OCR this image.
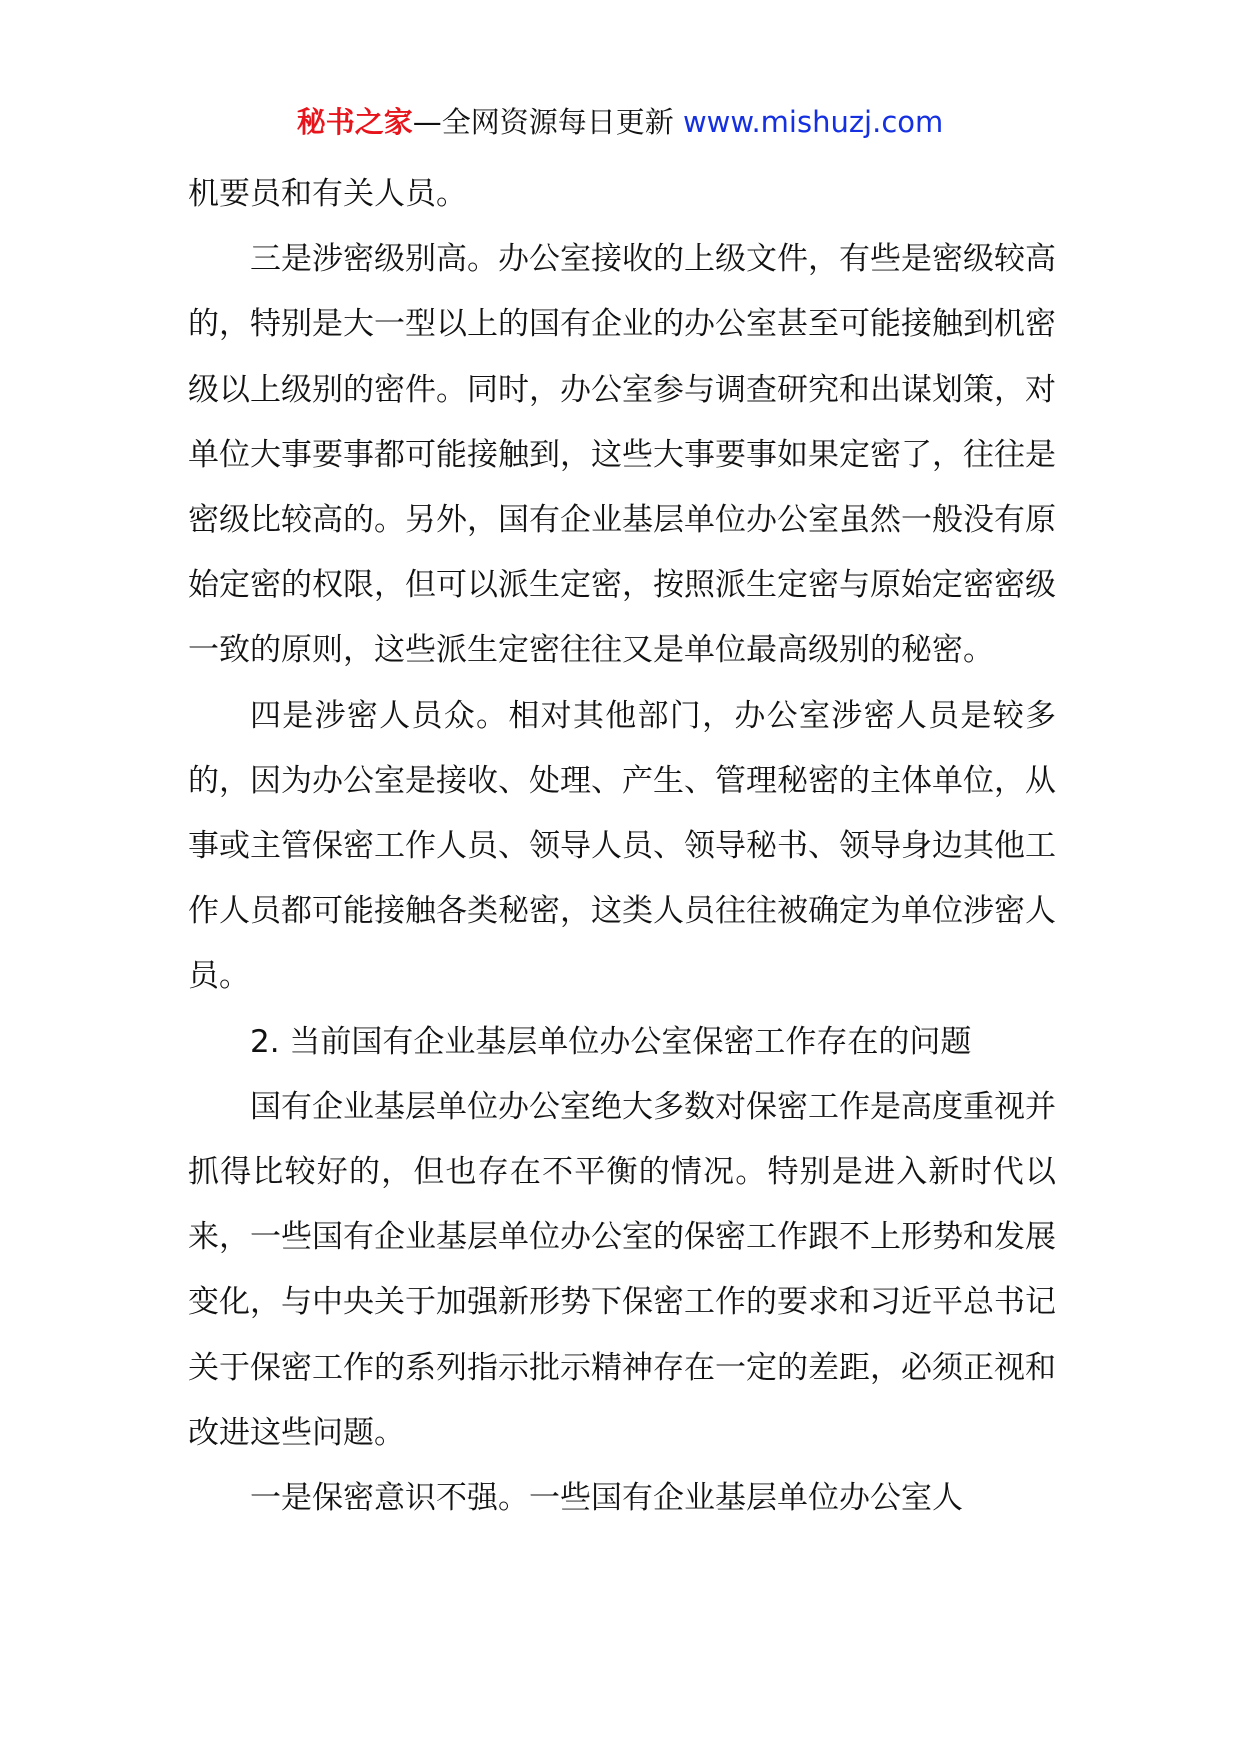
秘书之家—全网资源每日更新 www.mishuzj.com

机要员和有关人员。

三是涉密级别高。办公室接收的上级文件，有些是密级较高的，特别是大一型以上的国有企业的办公室甚至可能接触到机密级以上级别的密件。同时，办公室参与调查研究和出谋划策，对单位大事要事都可能接触到，这些大事要事如果定密了，往往是密级比较高的。另外，国有企业基层单位办公室虽然一般没有原始定密的权限，但可以派生定密，按照派生定密与原始定密密级一致的原则，这些派生定密往往又是单位最高级别的秘密。

四是涉密人员众。相对其他部门，办公室涉密人员是较多的，因为办公室是接收、处理、产生、管理秘密的主体单位，从事或主管保密工作人员、领导人员、领导秘书、领导身边其他工作人员都可能接触各类秘密，这类人员往往被确定为单位涉密人员。

2. 当前国有企业基层单位办公室保密工作存在的问题

国有企业基层单位办公室绝大多数对保密工作是高度重视并抓得比较好的，但也存在不平衡的情况。特别是进入新时代以来，一些国有企业基层单位办公室的保密工作跟不上形势和发展变化，与中央关于加强新形势下保密工作的要求和习近平总书记关于保密工作的系列指示批示精神存在一定的差距，必须正视和改进这些问题。

一是保密意识不强。一些国有企业基层单位办公室人
